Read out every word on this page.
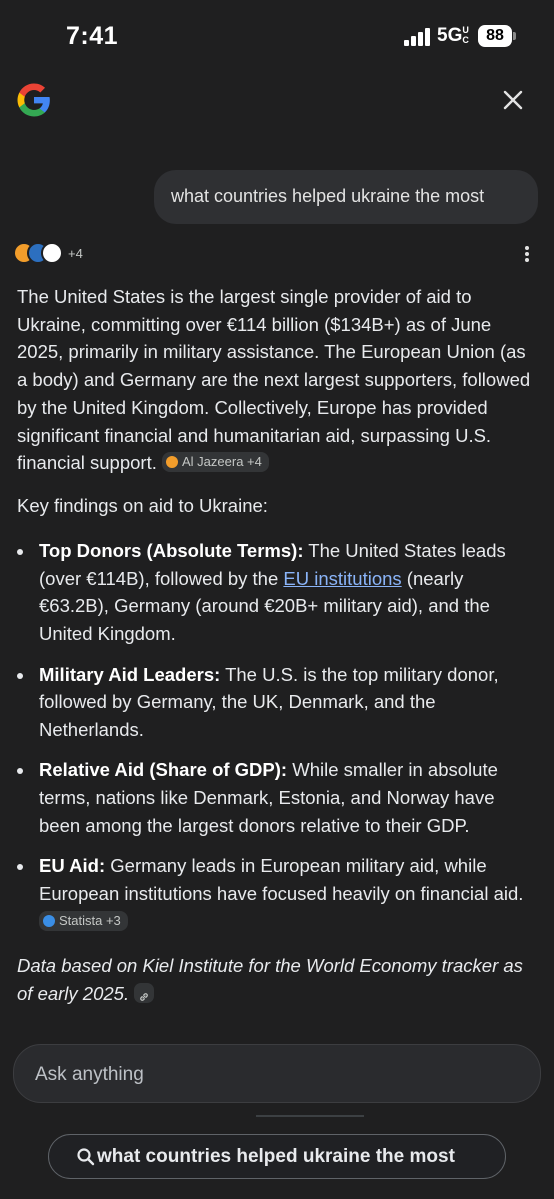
7:41	5GUC	88
what countries helped ukraine the most
+4
The United States is the largest single provider of aid to Ukraine, committing over €114 billion ($134B+) as of June 2025, primarily in military assistance. The European Union (as a body) and Germany are the next largest supporters, followed by the United Kingdom. Collectively, Europe has provided significant financial and humanitarian aid, surpassing U.S. financial support. Al Jazeera +4
Key findings on aid to Ukraine:
Top Donors (Absolute Terms): The United States leads (over €114B), followed by the EU institutions (nearly €63.2B), Germany (around €20B+ military aid), and the United Kingdom.
Military Aid Leaders: The U.S. is the top military donor, followed by Germany, the UK, Denmark, and the Netherlands.
Relative Aid (Share of GDP): While smaller in absolute terms, nations like Denmark, Estonia, and Norway have been among the largest donors relative to their GDP.
EU Aid: Germany leads in European military aid, while European institutions have focused heavily on financial aid. Statista +3
Data based on Kiel Institute for the World Economy tracker as of early 2025.
Ask anything
what countries helped ukraine the most
